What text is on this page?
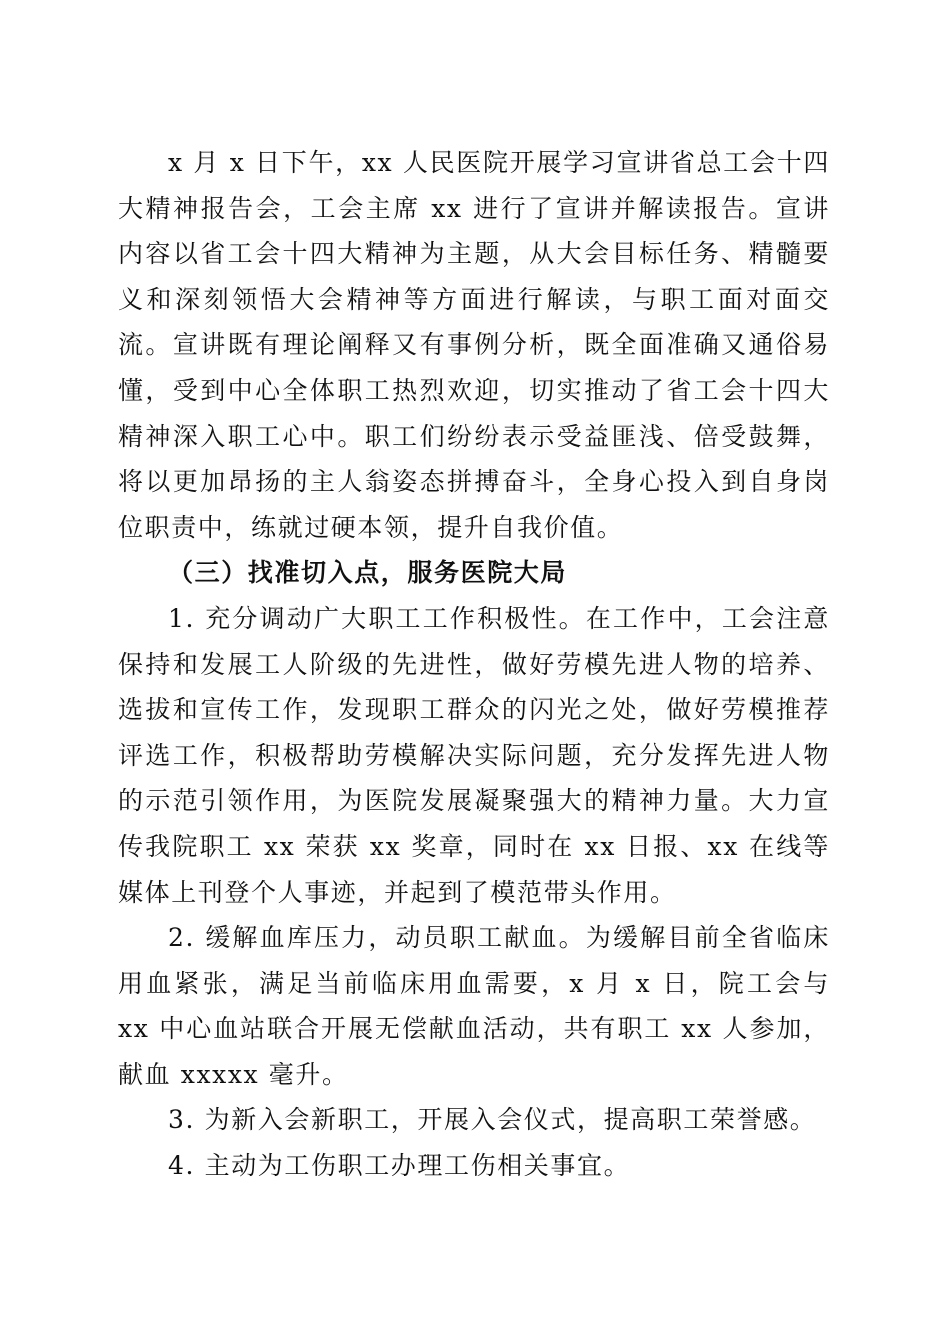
x 月 x 日下午，xx 人民医院开展学习宣讲省总工会十四大精神报告会，工会主席 xx 进行了宣讲并解读报告。宣讲内容以省工会十四大精神为主题，从大会目标任务、精髓要义和深刻领悟大会精神等方面进行解读，与职工面对面交流。宣讲既有理论阐释又有事例分析，既全面准确又通俗易懂，受到中心全体职工热烈欢迎，切实推动了省工会十四大精神深入职工心中。职工们纷纷表示受益匪浅、倍受鼓舞，将以更加昂扬的主人翁姿态拼搏奋斗，全身心投入到自身岗位职责中，练就过硬本领，提升自我价值。

（三）找准切入点，服务医院大局

1. 充分调动广大职工工作积极性。在工作中，工会注意保持和发展工人阶级的先进性，做好劳模先进人物的培养、选拔和宣传工作，发现职工群众的闪光之处，做好劳模推荐评选工作，积极帮助劳模解决实际问题，充分发挥先进人物的示范引领作用，为医院发展凝聚强大的精神力量。大力宣传我院职工 xx 荣获 xx 奖章，同时在 xx 日报、xx 在线等媒体上刊登个人事迹，并起到了模范带头作用。

2. 缓解血库压力，动员职工献血。为缓解目前全省临床用血紧张，满足当前临床用血需要，x 月 x 日，院工会与 xx 中心血站联合开展无偿献血活动，共有职工 xx 人参加，献血 xxxxx 毫升。

3. 为新入会新职工，开展入会仪式，提高职工荣誉感。

4. 主动为工伤职工办理工伤相关事宜。
